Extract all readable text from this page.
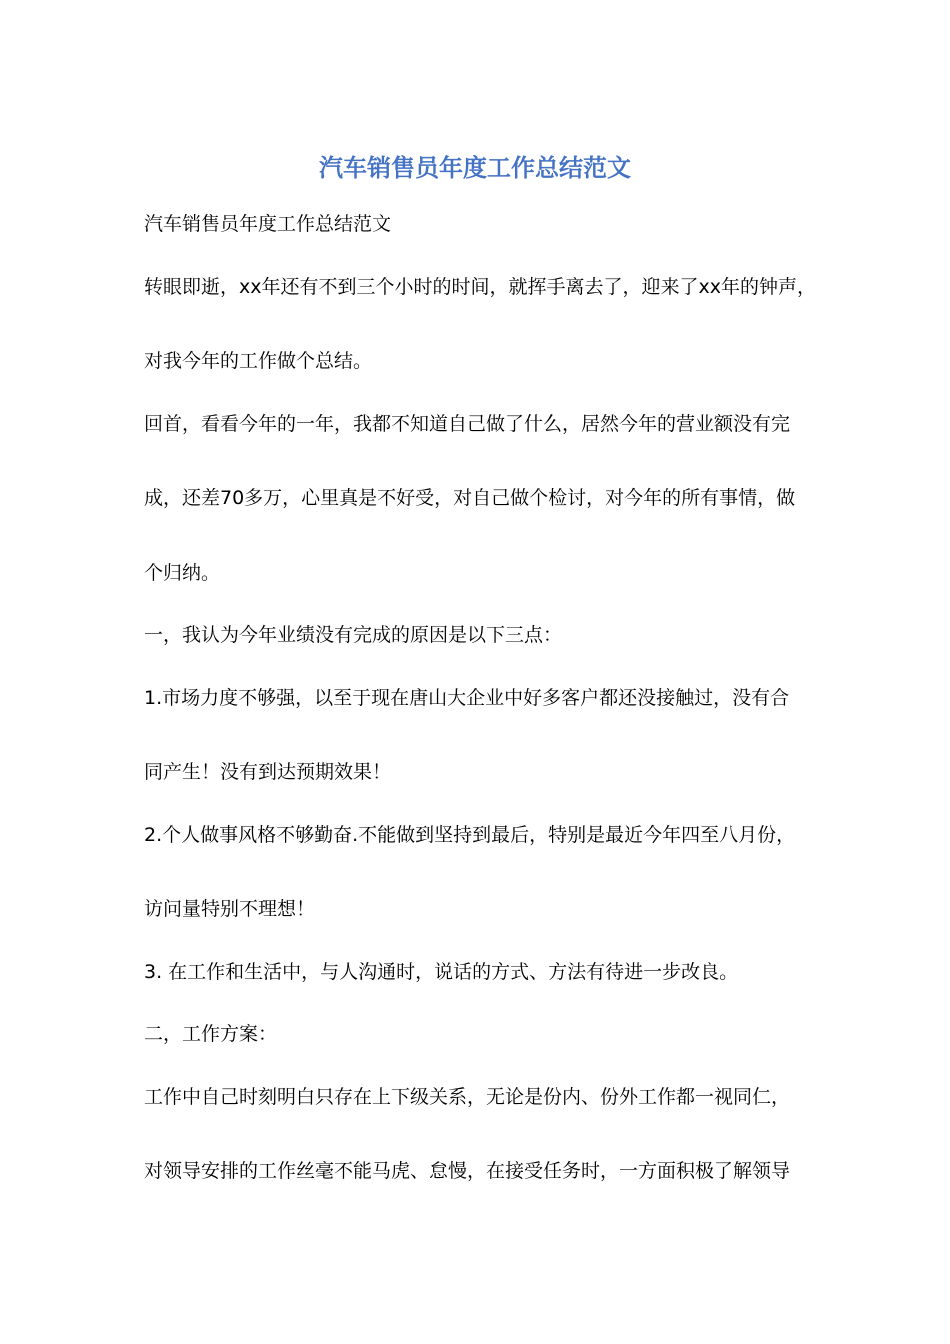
汽车销售员年度工作总结范文

汽车销售员年度工作总结范文

转眼即逝，xx年还有不到三个小时的时间，就挥手离去了，迎来了xx年的钟声，

对我今年的工作做个总结。

回首，看看今年的一年，我都不知道自己做了什么，居然今年的营业额没有完

成，还差70多万，心里真是不好受，对自己做个检讨，对今年的所有事情，做

个归纳。

一，我认为今年业绩没有完成的原因是以下三点：

1.市场力度不够强，以至于现在唐山大企业中好多客户都还没接触过，没有合

同产生！没有到达预期效果！

2.个人做事风格不够勤奋.不能做到坚持到最后，特别是最近今年四至八月份，

访问量特别不理想！

3. 在工作和生活中，与人沟通时，说话的方式、方法有待进一步改良。

二，工作方案：

工作中自己时刻明白只存在上下级关系，无论是份内、份外工作都一视同仁，

对领导安排的工作丝毫不能马虎、怠慢，在接受任务时，一方面积极了解领导
